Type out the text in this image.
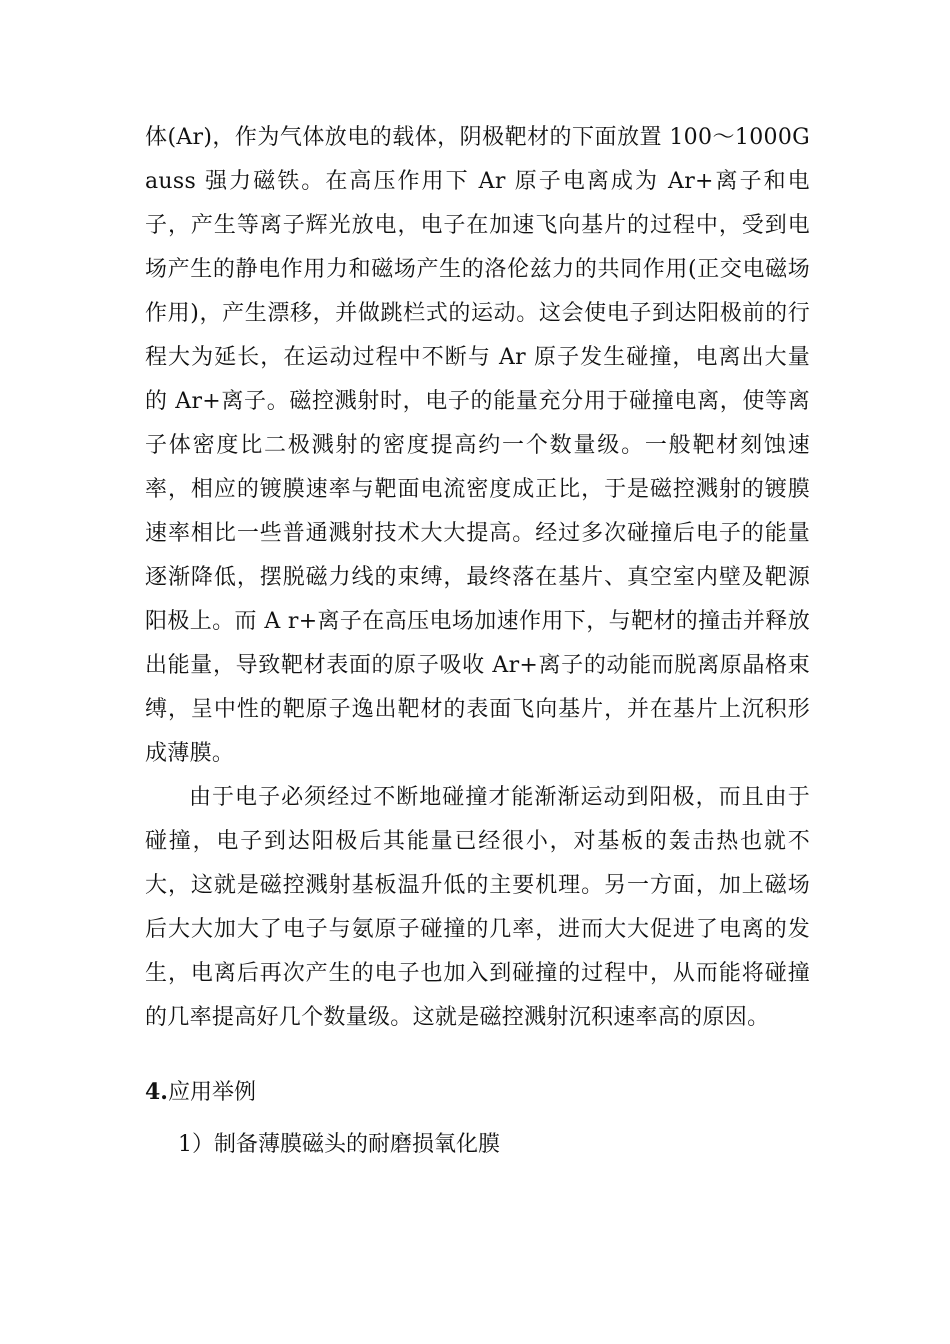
体(Ar)，作为气体放电的载体，阴极靶材的下面放置 100～1000Gauss 强力磁铁。在高压作用下 Ar 原子电离成为 Ar+离子和电子，产生等离子辉光放电，电子在加速飞向基片的过程中，受到电场产生的静电作用力和磁场产生的洛伦兹力的共同作用(正交电磁场作用)，产生漂移，并做跳栏式的运动。这会使电子到达阳极前的行程大为延长，在运动过程中不断与 Ar 原子发生碰撞，电离出大量的 Ar+离子。磁控溅射时，电子的能量充分用于碰撞电离，使等离子体密度比二极溅射的密度提高约一个数量级。一般靶材刻蚀速率，相应的镀膜速率与靶面电流密度成正比，于是磁控溅射的镀膜速率相比一些普通溅射技术大大提高。经过多次碰撞后电子的能量逐渐降低，摆脱磁力线的束缚，最终落在基片、真空室内壁及靶源阳极上。而 A r+离子在高压电场加速作用下，与靶材的撞击并释放出能量，导致靶材表面的原子吸收 Ar+离子的动能而脱离原晶格束缚，呈中性的靶原子逸出靶材的表面飞向基片，并在基片上沉积形成薄膜。

由于电子必须经过不断地碰撞才能渐渐运动到阳极，而且由于碰撞，电子到达阳极后其能量已经很小，对基板的轰击热也就不大，这就是磁控溅射基板温升低的主要机理。另一方面，加上磁场后大大加大了电子与氨原子碰撞的几率，进而大大促进了电离的发生，电离后再次产生的电子也加入到碰撞的过程中，从而能将碰撞的几率提高好几个数量级。这就是磁控溅射沉积速率高的原因。

4.应用举例

1）制备薄膜磁头的耐磨损氧化膜
